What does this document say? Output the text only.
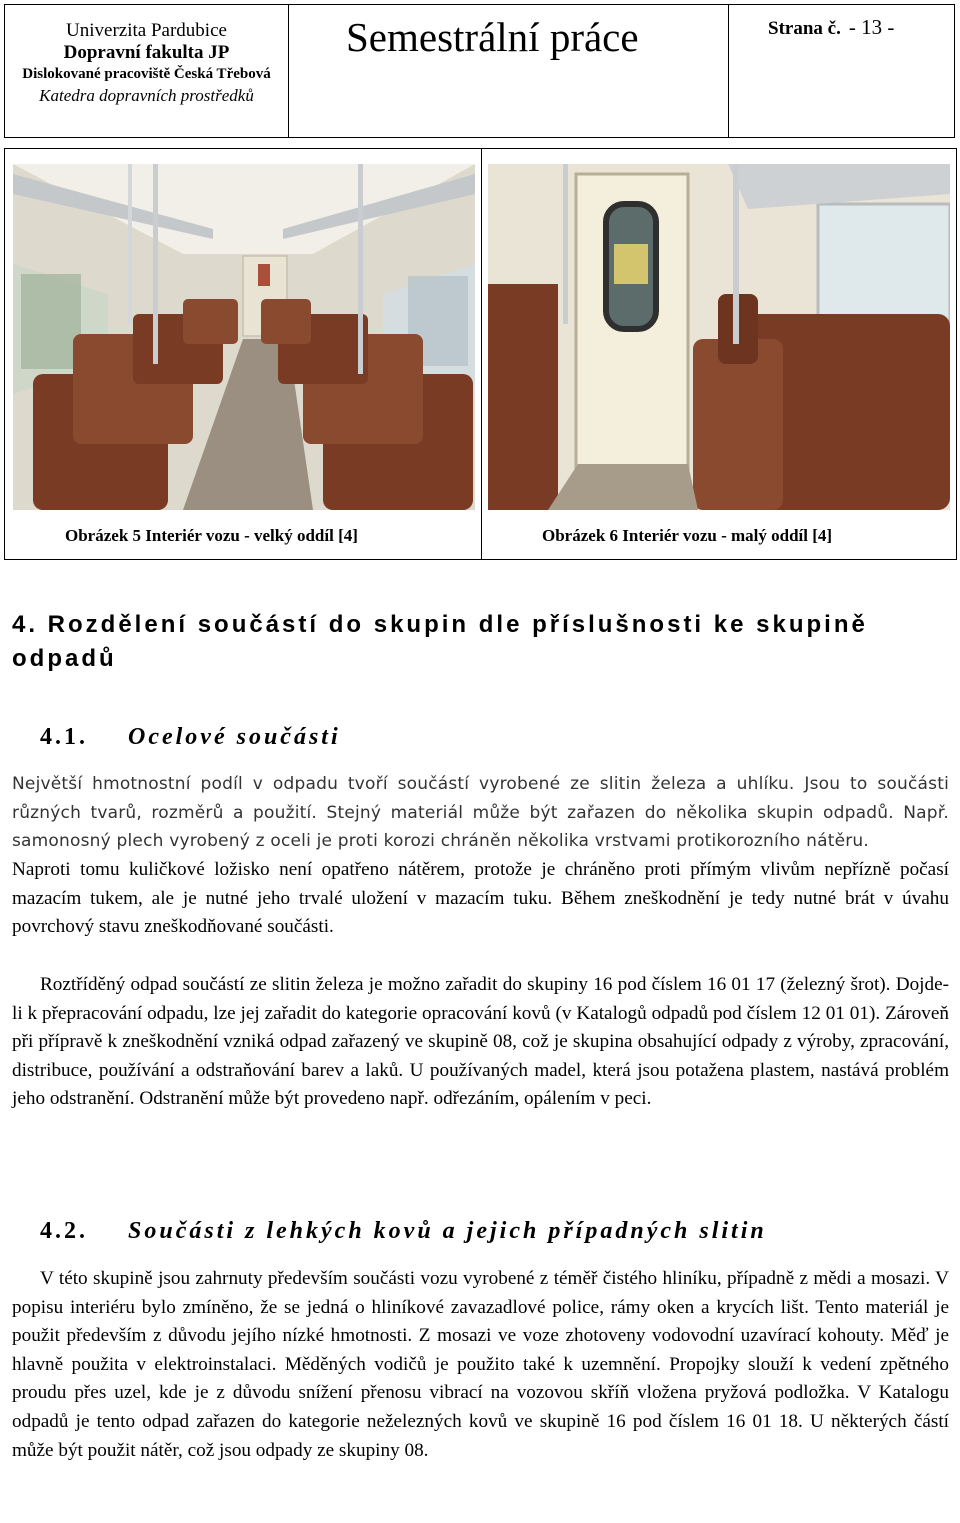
Univerzita Pardubice
Dopravní fakulta JP
Dislokované pracoviště Česká Třebová
Katedra dopravních prostředků
Semestrální práce	Strana č. - 13 -
Obrázek 5 Interiér vozu - velký oddíl [4]	Obrázek 6 Interiér vozu - malý oddíl [4]
4. Rozdělení součástí do skupin dle příslušnosti ke skupině odpadů
4.1. Ocelové součásti
Největší hmotnostní podíl v odpadu tvoří součástí vyrobené ze slitin železa a uhlíku. Jsou to součásti různých tvarů, rozměrů a použití. Stejný materiál může být zařazen do několika skupin odpadů. Např. samonosný plech vyrobený z oceli je proti korozi chráněn několika vrstvami protikorozního nátěru.
Naproti tomu kuličkové ložisko není opatřeno nátěrem, protože je chráněno proti přímým vlivům nepřízně počasí mazacím tukem, ale je nutné jeho trvalé uložení v mazacím tuku. Během zneškodnění je tedy nutné brát v úvahu povrchový stavu zneškodňované součásti.
Roztříděný odpad součástí ze slitin železa je možno zařadit do skupiny 16 pod číslem 16 01 17 (železný šrot). Dojde-li k přepracování odpadu, lze jej zařadit do kategorie opracování kovů (v Katalogů odpadů pod číslem 12 01 01). Zároveň při přípravě k zneškodnění vzniká odpad zařazený ve skupině 08, což je skupina obsahující odpady z výroby, zpracování, distribuce, používání a odstraňování barev a laků. U používaných madel, která jsou potažena plastem, nastává problém jeho odstranění. Odstranění může být provedeno např. odřezáním, opálením v peci.
4.2. Součásti z lehkých kovů a jejich případných slitin
V této skupině jsou zahrnuty především součásti vozu vyrobené z téměř čistého hliníku, případně z mědi a mosazi. V popisu interiéru bylo zmíněno, že se jedná o hliníkové zavazadlové police, rámy oken a krycích lišt. Tento materiál je použit především z důvodu jejího nízké hmotnosti. Z mosazi ve voze zhotoveny vodovodní uzavírací kohouty. Měď je hlavně použita v elektroinstalaci. Měděných vodičů je použito také k uzemnění. Propojky slouží k vedení zpětného proudu přes uzel, kde je z důvodu snížení přenosu vibrací na vozovou skříň vložena pryžová podložka. V Katalogu odpadů je tento odpad zařazen do kategorie neželezných kovů ve skupině 16 pod číslem 16 01 18. U některých částí může být použit nátěr, což jsou odpady ze skupiny 08.
